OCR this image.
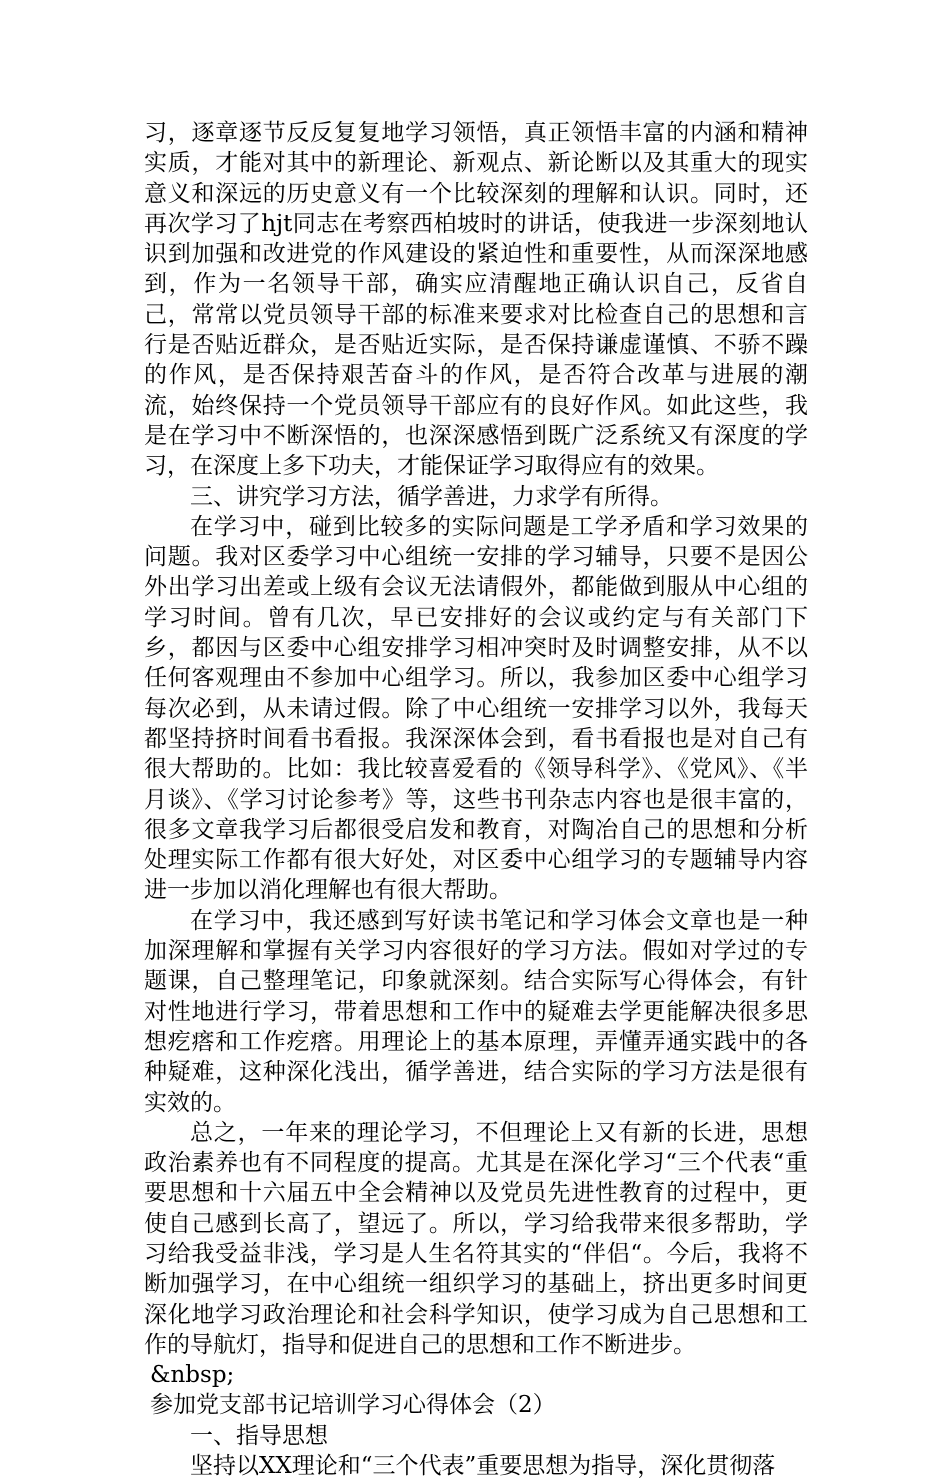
习，逐章逐节反反复复地学习领悟，真正领悟丰富的内涵和精神实质，才能对其中的新理论、新观点、新论断以及其重大的现实意义和深远的历史意义有一个比较深刻的理解和认识。同时，还再次学习了hjt同志在考察西柏坡时的讲话，使我进一步深刻地认识到加强和改进党的作风建设的紧迫性和重要性，从而深深地感到，作为一名领导干部，确实应清醒地正确认识自己，反省自己，常常以党员领导干部的标准来要求对比检查自己的思想和言行是否贴近群众，是否贴近实际，是否保持谦虚谨慎、不骄不躁的作风，是否保持艰苦奋斗的作风，是否符合改革与进展的潮流，始终保持一个党员领导干部应有的良好作风。如此这些，我是在学习中不断深悟的，也深深感悟到既广泛系统又有深度的学习，在深度上多下功夫，才能保证学习取得应有的效果。

三、讲究学习方法，循学善进，力求学有所得。

在学习中，碰到比较多的实际问题是工学矛盾和学习效果的问题。我对区委学习中心组统一安排的学习辅导，只要不是因公外出学习出差或上级有会议无法请假外，都能做到服从中心组的学习时间。曾有几次，早已安排好的会议或约定与有关部门下乡，都因与区委中心组安排学习相冲突时及时调整安排，从不以任何客观理由不参加中心组学习。所以，我参加区委中心组学习每次必到，从未请过假。除了中心组统一安排学习以外，我每天都坚持挤时间看书看报。我深深体会到，看书看报也是对自己有很大帮助的。比如：我比较喜爱看的《领导科学》、《党风》、《半月谈》、《学习讨论参考》等，这些书刊杂志内容也是很丰富的，很多文章我学习后都很受启发和教育，对陶冶自己的思想和分析处理实际工作都有很大好处，对区委中心组学习的专题辅导内容进一步加以消化理解也有很大帮助。

在学习中，我还感到写好读书笔记和学习体会文章也是一种加深理解和掌握有关学习内容很好的学习方法。假如对学过的专题课，自己整理笔记，印象就深刻。结合实际写心得体会，有针对性地进行学习，带着思想和工作中的疑难去学更能解决很多思想疙瘩和工作疙瘩。用理论上的基本原理，弄懂弄通实践中的各种疑难，这种深化浅出，循学善进，结合实际的学习方法是很有实效的。

总之，一年来的理论学习，不但理论上又有新的长进，思想政治素养也有不同程度的提高。尤其是在深化学习“三个代表“重要思想和十六届五中全会精神以及党员先进性教育的过程中，更使自己感到长高了，望远了。所以，学习给我带来很多帮助，学习给我受益非浅，学习是人生名符其实的“伴侣“。今后，我将不断加强学习，在中心组统一组织学习的基础上，挤出更多时间更深化地学习政治理论和社会科学知识，使学习成为自己思想和工作的导航灯，指导和促进自己的思想和工作不断进步。

&nbsp;

参加党支部书记培训学习心得体会（2）

一、指导思想

坚持以XX理论和“三个代表”重要思想为指导，深化贯彻落
